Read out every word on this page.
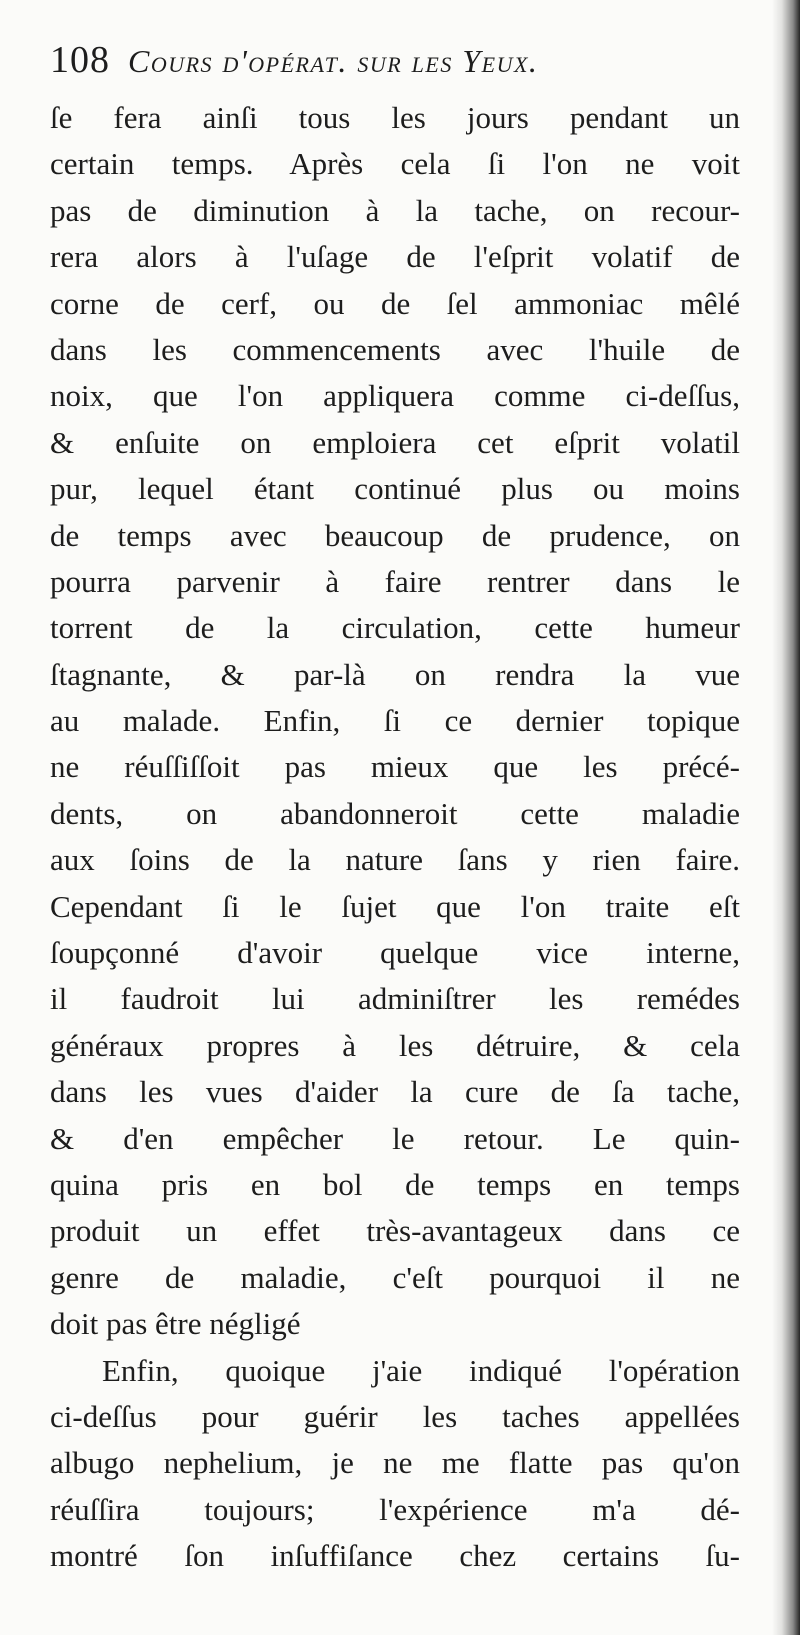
108 Cours d'opérat. sur les Yeux.
ſe fera ainſi tous les jours pendant un
certain temps. Après cela ſi l'on ne voit
pas de diminution à la tache, on recour-
rera alors à l'uſage de l'eſprit volatif de
corne de cerf, ou de ſel ammoniac mêlé
dans les commencements avec l'huile de
noix, que l'on appliquera comme ci-deſſus,
& enſuite on emploiera cet eſprit volatil
pur, lequel étant continué plus ou moins
de temps avec beaucoup de prudence, on
pourra parvenir à faire rentrer dans le
torrent de la circulation, cette humeur
ſtagnante, & par-là on rendra la vue
au malade. Enfin, ſi ce dernier topique
ne réuſſiſſoit pas mieux que les précé-
dents, on abandonneroit cette maladie
aux ſoins de la nature ſans y rien faire.
Cependant ſi le ſujet que l'on traite eſt
ſoupçonné d'avoir quelque vice interne,
il faudroit lui adminiſtrer les remédes
généraux propres à les détruire, & cela
dans les vues d'aider la cure de ſa tache,
& d'en empêcher le retour. Le quin-
quina pris en bol de temps en temps
produit un effet très-avantageux dans ce
genre de maladie, c'eſt pourquoi il ne
doit pas être négligé
Enfin, quoique j'aie indiqué l'opération
ci-deſſus pour guérir les taches appellées
albugo nephelium, je ne me flatte pas qu'on
réuſſira toujours; l'expérience m'a dé-
montré ſon inſuffiſance chez certains ſu-
